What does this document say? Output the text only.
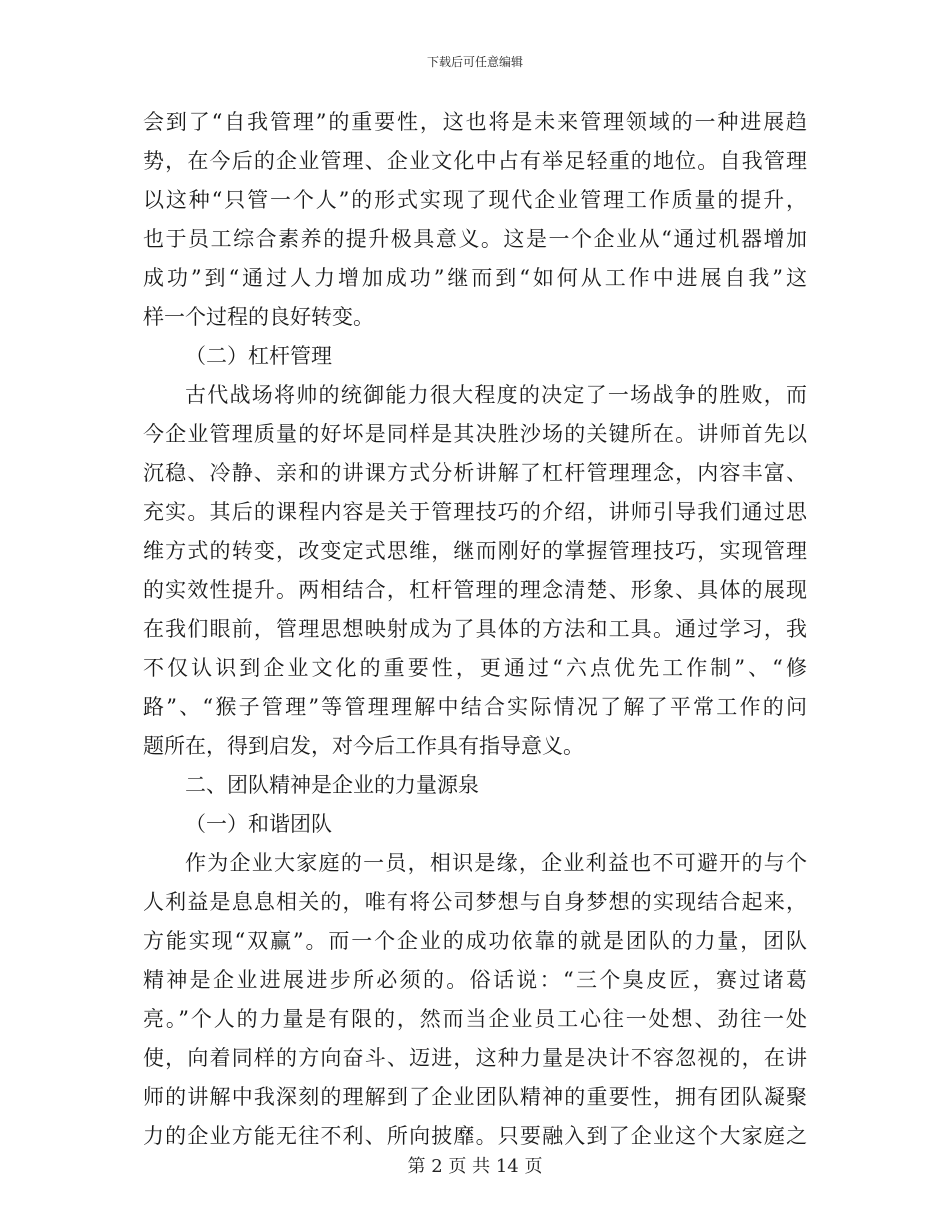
下载后可任意编辑
会到了“自我管理”的重要性，这也将是未来管理领域的一种进展趋
势，在今后的企业管理、企业文化中占有举足轻重的地位。自我管理
以这种“只管一个人”的形式实现了现代企业管理工作质量的提升，
也于员工综合素养的提升极具意义。这是一个企业从“通过机器增加
成功”到“通过人力增加成功”继而到“如何从工作中进展自我”这
样一个过程的良好转变。
（二）杠杆管理
古代战场将帅的统御能力很大程度的决定了一场战争的胜败，而
今企业管理质量的好坏是同样是其决胜沙场的关键所在。讲师首先以
沉稳、冷静、亲和的讲课方式分析讲解了杠杆管理理念，内容丰富、
充实。其后的课程内容是关于管理技巧的介绍，讲师引导我们通过思
维方式的转变，改变定式思维，继而刚好的掌握管理技巧，实现管理
的实效性提升。两相结合，杠杆管理的理念清楚、形象、具体的展现
在我们眼前，管理思想映射成为了具体的方法和工具。通过学习，我
不仅认识到企业文化的重要性，更通过“六点优先工作制”、“修
路”、“猴子管理”等管理理解中结合实际情况了解了平常工作的问
题所在，得到启发，对今后工作具有指导意义。
二、团队精神是企业的力量源泉
（一）和谐团队
作为企业大家庭的一员，相识是缘，企业利益也不可避开的与个
人利益是息息相关的，唯有将公司梦想与自身梦想的实现结合起来，
方能实现“双赢”。而一个企业的成功依靠的就是团队的力量，团队
精神是企业进展进步所必须的。俗话说：“三个臭皮匠，赛过诸葛
亮。”个人的力量是有限的，然而当企业员工心往一处想、劲往一处
使，向着同样的方向奋斗、迈进，这种力量是决计不容忽视的，在讲
师的讲解中我深刻的理解到了企业团队精神的重要性，拥有团队凝聚
力的企业方能无往不利、所向披靡。只要融入到了企业这个大家庭之
第 2 页 共 14 页
